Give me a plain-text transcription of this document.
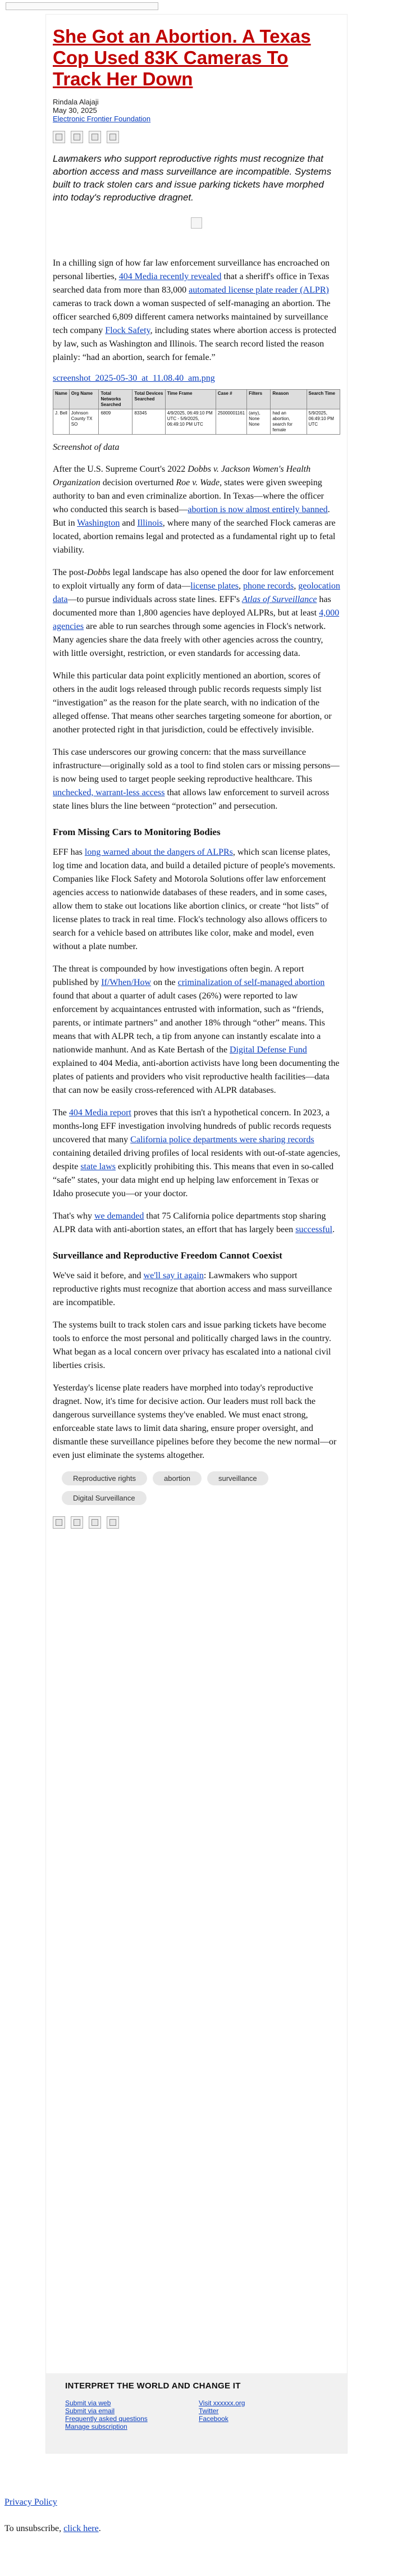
She Got an Abortion. A Texas Cop Used 83K Cameras To Track Her Down
Rindala Alajaji
May 30, 2025
Electronic Frontier Foundation
Lawmakers who support reproductive rights must recognize that abortion access and mass surveillance are incompatible. Systems built to track stolen cars and issue parking tickets have morphed into today's reproductive dragnet.

In a chilling sign of how far law enforcement surveillance has encroached on personal liberties, 404 Media recently revealed that a sheriff's office in Texas searched data from more than 83,000 automated license plate reader (ALPR) cameras to track down a woman suspected of self-managing an abortion. The officer searched 6,809 different camera networks maintained by surveillance tech company Flock Safety, including states where abortion access is protected by law, such as Washington and Illinois. The search record listed the reason plainly: “had an abortion, search for female.”

screenshot_2025-05-30_at_11.08.40_am.png
Name	Org Name	Total Networks Searched	Total Devices Searched	Time Frame	Case #	Filters	Reason	Search Time
J. Bell	Johnson County TX SO	6809	83345	4/9/2025, 06:49:10 PM UTC - 5/9/2025, 06:49:10 PM UTC	25000001161	(any), None None	had an abortion, search for female	5/9/2025, 06:49:10 PM UTC
Screenshot of data

After the U.S. Supreme Court's 2022 Dobbs v. Jackson Women's Health Organization decision overturned Roe v. Wade, states were given sweeping authority to ban and even criminalize abortion. In Texas—where the officer who conducted this search is based—abortion is now almost entirely banned. But in Washington and Illinois, where many of the searched Flock cameras are located, abortion remains legal and protected as a fundamental right up to fetal viability.

The post-Dobbs legal landscape has also opened the door for law enforcement to exploit virtually any form of data—license plates, phone records, geolocation data—to pursue individuals across state lines. EFF's Atlas of Surveillance has documented more than 1,800 agencies have deployed ALPRs, but at least 4,000 agencies are able to run searches through some agencies in Flock's network. Many agencies share the data freely with other agencies across the country, with little oversight, restriction, or even standards for accessing data.

While this particular data point explicitly mentioned an abortion, scores of others in the audit logs released through public records requests simply list “investigation” as the reason for the plate search, with no indication of the alleged offense. That means other searches targeting someone for abortion, or another protected right in that jurisdiction, could be effectively invisible.

This case underscores our growing concern: that the mass surveillance infrastructure—originally sold as a tool to find stolen cars or missing persons—is now being used to target people seeking reproductive healthcare. This unchecked, warrant-less access that allows law enforcement to surveil across state lines blurs the line between “protection” and persecution.

From Missing Cars to Monitoring Bodies

EFF has long warned about the dangers of ALPRs, which scan license plates, log time and location data, and build a detailed picture of people's movements. Companies like Flock Safety and Motorola Solutions offer law enforcement agencies access to nationwide databases of these readers, and in some cases, allow them to stake out locations like abortion clinics, or create “hot lists” of license plates to track in real time. Flock's technology also allows officers to search for a vehicle based on attributes like color, make and model, even without a plate number.

The threat is compounded by how investigations often begin. A report published by If/When/How on the criminalization of self-managed abortion found that about a quarter of adult cases (26%) were reported to law enforcement by acquaintances entrusted with information, such as “friends, parents, or intimate partners” and another 18% through “other” means. This means that with ALPR tech, a tip from anyone can instantly escalate into a nationwide manhunt. And as Kate Bertash of the Digital Defense Fund explained to 404 Media, anti-abortion activists have long been documenting the plates of patients and providers who visit reproductive health facilities—data that can now be easily cross-referenced with ALPR databases.

The 404 Media report proves that this isn't a hypothetical concern. In 2023, a months-long EFF investigation involving hundreds of public records requests uncovered that many California police departments were sharing records containing detailed driving profiles of local residents with out-of-state agencies, despite state laws explicitly prohibiting this. This means that even in so-called “safe” states, your data might end up helping law enforcement in Texas or Idaho prosecute you—or your doctor.

That's why we demanded that 75 California police departments stop sharing ALPR data with anti-abortion states, an effort that has largely been successful.

Surveillance and Reproductive Freedom Cannot Coexist

We've said it before, and we'll say it again: Lawmakers who support reproductive rights must recognize that abortion access and mass surveillance are incompatible.

The systems built to track stolen cars and issue parking tickets have become tools to enforce the most personal and politically charged laws in the country. What began as a local concern over privacy has escalated into a national civil liberties crisis.

Yesterday's license plate readers have morphed into today's reproductive dragnet. Now, it's time for decisive action. Our leaders must roll back the dangerous surveillance systems they've enabled. We must enact strong, enforceable state laws to limit data sharing, ensure proper oversight, and dismantle these surveillance pipelines before they become the new normal—or even just eliminate the systems altogether.

Reproductive rights	abortion	surveillance
Digital Surveillance
INTERPRET THE WORLD AND CHANGE IT
Submit via web
Submit via email
Frequently asked questions
Manage subscription
Visit xxxxxx.org
Twitter
Facebook
Privacy Policy
To unsubscribe, click here.
